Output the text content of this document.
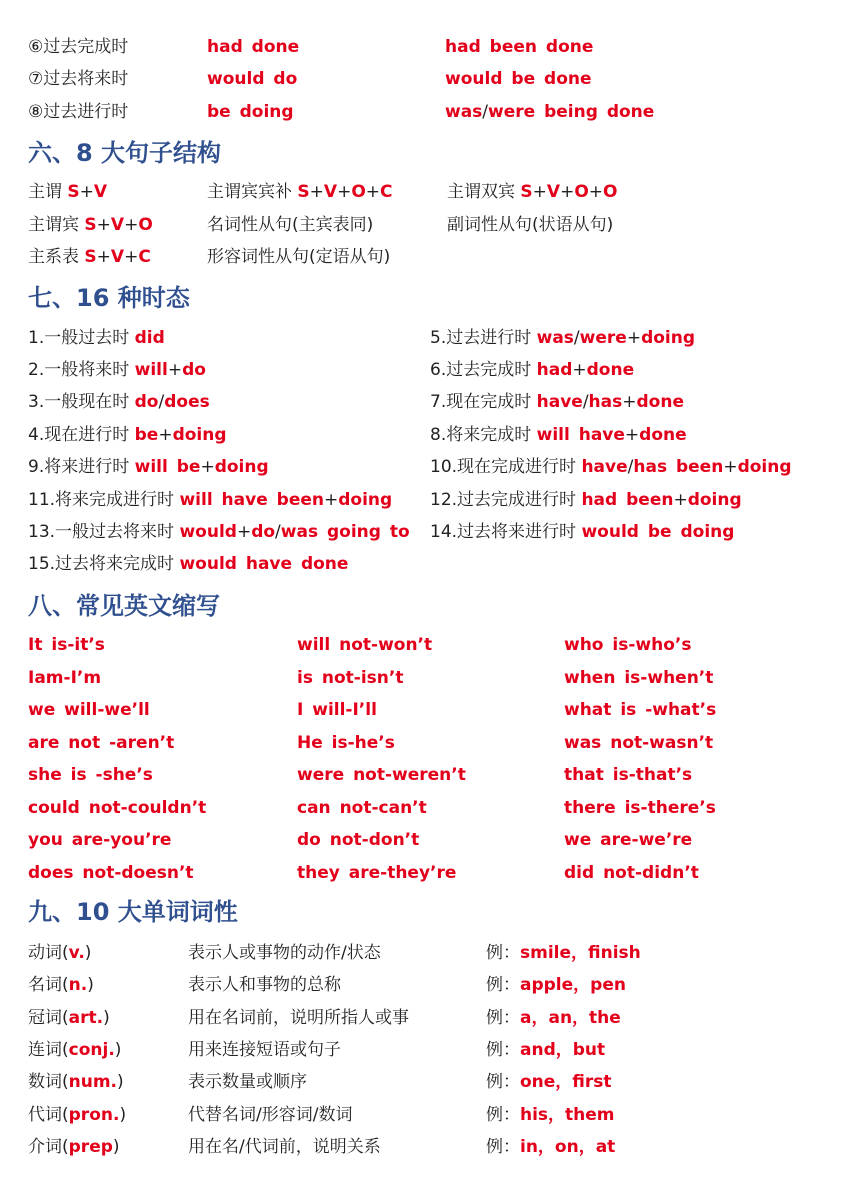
⑥过去完成时	had done	had been done
⑦过去将来时	would do	would be done
⑧过去进行时	be doing	was/were being done
六、8 大句子结构
主谓 S+V	主谓宾宾补 S+V+O+C	主谓双宾 S+V+O+O
主谓宾 S+V+O	名词性从句(主宾表同)	副词性从句(状语从句)
主系表 S+V+C	形容词性从句(定语从句)
七、16 种时态
1.一般过去时 did	5.过去进行时 was/were+doing
2.一般将来时 will+do	6.过去完成时 had+done
3.一般现在时 do/does	7.现在完成时 have/has+done
4.现在进行时 be+doing	8.将来完成时 will have+done
9.将来进行时 will be+doing	10.现在完成进行时 have/has been+doing
11.将来完成进行时 will have been+doing 12.过去完成进行时 had been+doing
13.一般过去将来时 would+do/was going to 14.过去将来进行时 would be doing
15.过去将来完成时 would have done
八、常见英文缩写
It is-it’s	will not-won’t	who is-who’s
Iam-I’m	is not-isn’t	when is-when’t
we will-we’ll	I will-I’ll	what is -what’s
are not -aren’t	He is-he’s	was not-wasn’t
she is -she’s	were not-weren’t	that is-that’s
could not-couldn’t	can not-can’t	there is-there’s
you are-you’re	do not-don’t	we are-we’re
does not-doesn’t	they are-they’re	did not-didn’t
九、10 大单词词性
动词(v.)	表示人或事物的动作/状态	例：smile，finish
名词(n.)	表示人和事物的总称	例：apple，pen
冠词(art.)	用在名词前，说明所指人或事	例：a，an，the
连词(conj.)	用来连接短语或句子	例：and，but
数词(num.)	表示数量或顺序	例：one，first
代词(pron.)	代替名词/形容词/数词	例：his，them
介词(prep)	用在名/代词前，说明关系	例：in，on，at
